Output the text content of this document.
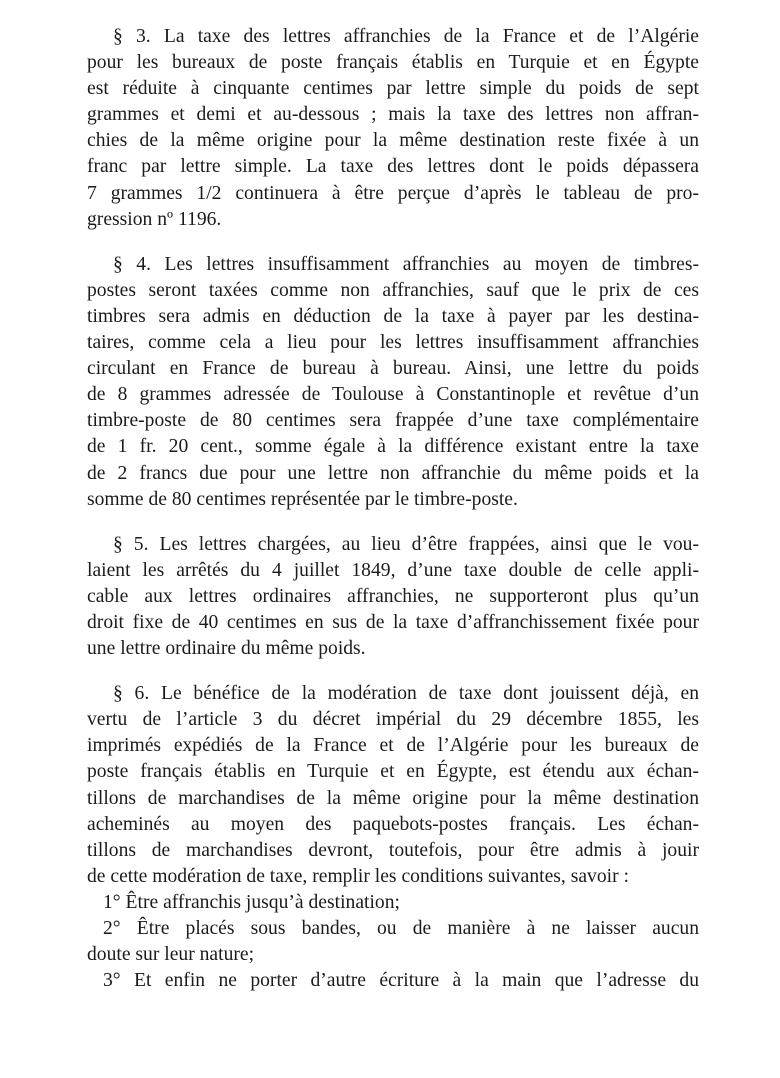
§ 3. La taxe des lettres affranchies de la France et de l’Algérie
pour les bureaux de poste français établis en Turquie et en Égypte
est réduite à cinquante centimes par lettre simple du poids de sept
grammes et demi et au-dessous ; mais la taxe des lettres non affran-
chies de la même origine pour la même destination reste fixée à un
franc par lettre simple. La taxe des lettres dont le poids dépassera
7 grammes 1/2 continuera à être perçue d’après le tableau de pro-
gression nº 1196.
§ 4. Les lettres insuffisamment affranchies au moyen de timbres-
postes seront taxées comme non affranchies, sauf que le prix de ces
timbres sera admis en déduction de la taxe à payer par les destina-
taires, comme cela a lieu pour les lettres insuffisamment affranchies
circulant en France de bureau à bureau. Ainsi, une lettre du poids
de 8 grammes adressée de Toulouse à Constantinople et revêtue d’un
timbre-poste de 80 centimes sera frappée d’une taxe complémentaire
de 1 fr. 20 cent., somme égale à la différence existant entre la taxe
de 2 francs due pour une lettre non affranchie du même poids et la
somme de 80 centimes représentée par le timbre-poste.
§ 5. Les lettres chargées, au lieu d’être frappées, ainsi que le vou-
laient les arrêtés du 4 juillet 1849, d’une taxe double de celle appli-
cable aux lettres ordinaires affranchies, ne supporteront plus qu’un
droit fixe de 40 centimes en sus de la taxe d’affranchissement fixée pour
une lettre ordinaire du même poids.
§ 6. Le bénéfice de la modération de taxe dont jouissent déjà, en
vertu de l’article 3 du décret impérial du 29 décembre 1855, les
imprimés expédiés de la France et de l’Algérie pour les bureaux de
poste français établis en Turquie et en Égypte, est étendu aux échan-
tillons de marchandises de la même origine pour la même destination
acheminés au moyen des paquebots-postes français. Les échan-
tillons de marchandises devront, toutefois, pour être admis à jouir
de cette modération de taxe, remplir les conditions suivantes, savoir :
1° Être affranchis jusqu’à destination;
2° Être placés sous bandes, ou de manière à ne laisser aucun
doute sur leur nature;
3° Et enfin ne porter d’autre écriture à la main que l’adresse du
